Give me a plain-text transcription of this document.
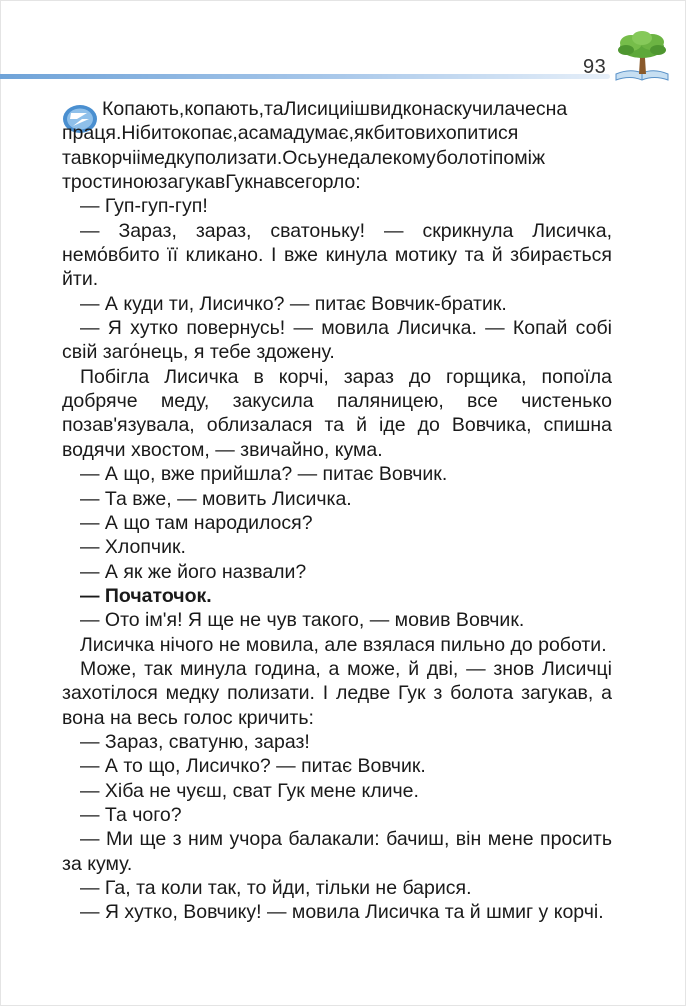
93

Копають,копають,таЛисициішвидконаскучилачесна праця.Нібитокопає,асамадумає,якбитовихопитися тавкорчіімедкуполизати.Осьунедалекомуболотіпоміж тростиноюзагукавГукнавсегорло:

— Гуп-гуп-гуп!

— Зараз, зараз, сватоньку! — скрикнула Лисичка, немо́вбито її кликано. І вже кинула мотику та й збирається йти.

— А куди ти, Лисичко? — питає Вовчик-братик.

— Я хутко повернусь! — мовила Лисичка. — Копай собі свій заго́нець, я тебе здожену.

Побігла Лисичка в корчі, зараз до горщика, попоїла добряче меду, закусила паляницею, все чистенько позав'язувала, облизалася та й іде до Вовчика, спишна водячи хвостом, — звичайно, кума.

— А що, вже прийшла? — питає Вовчик.

— Та вже, — мовить Лисичка.

— А що там народилося?

— Хлопчик.

— А як же його назвали?

— Початочок.

— Ото ім'я! Я ще не чув такого, — мовив Вовчик.

Лисичка нічого не мовила, але взялася пильно до роботи.

Може, так минула година, а може, й дві, — знов Лисичці захотілося медку полизати. І ледве Гук з болота загукав, а вона на весь голос кричить:

— Зараз, сватуню, зараз!

— А то що, Лисичко? — питає Вовчик.

— Хіба не чуєш, сват Гук мене кличе.

— Та чого?

— Ми ще з ним учора балакали: бачиш, він мене просить за куму.

— Га, та коли так, то йди, тільки не барися.

— Я хутко, Вовчику! — мовила Лисичка та й шмиг у корчі.
